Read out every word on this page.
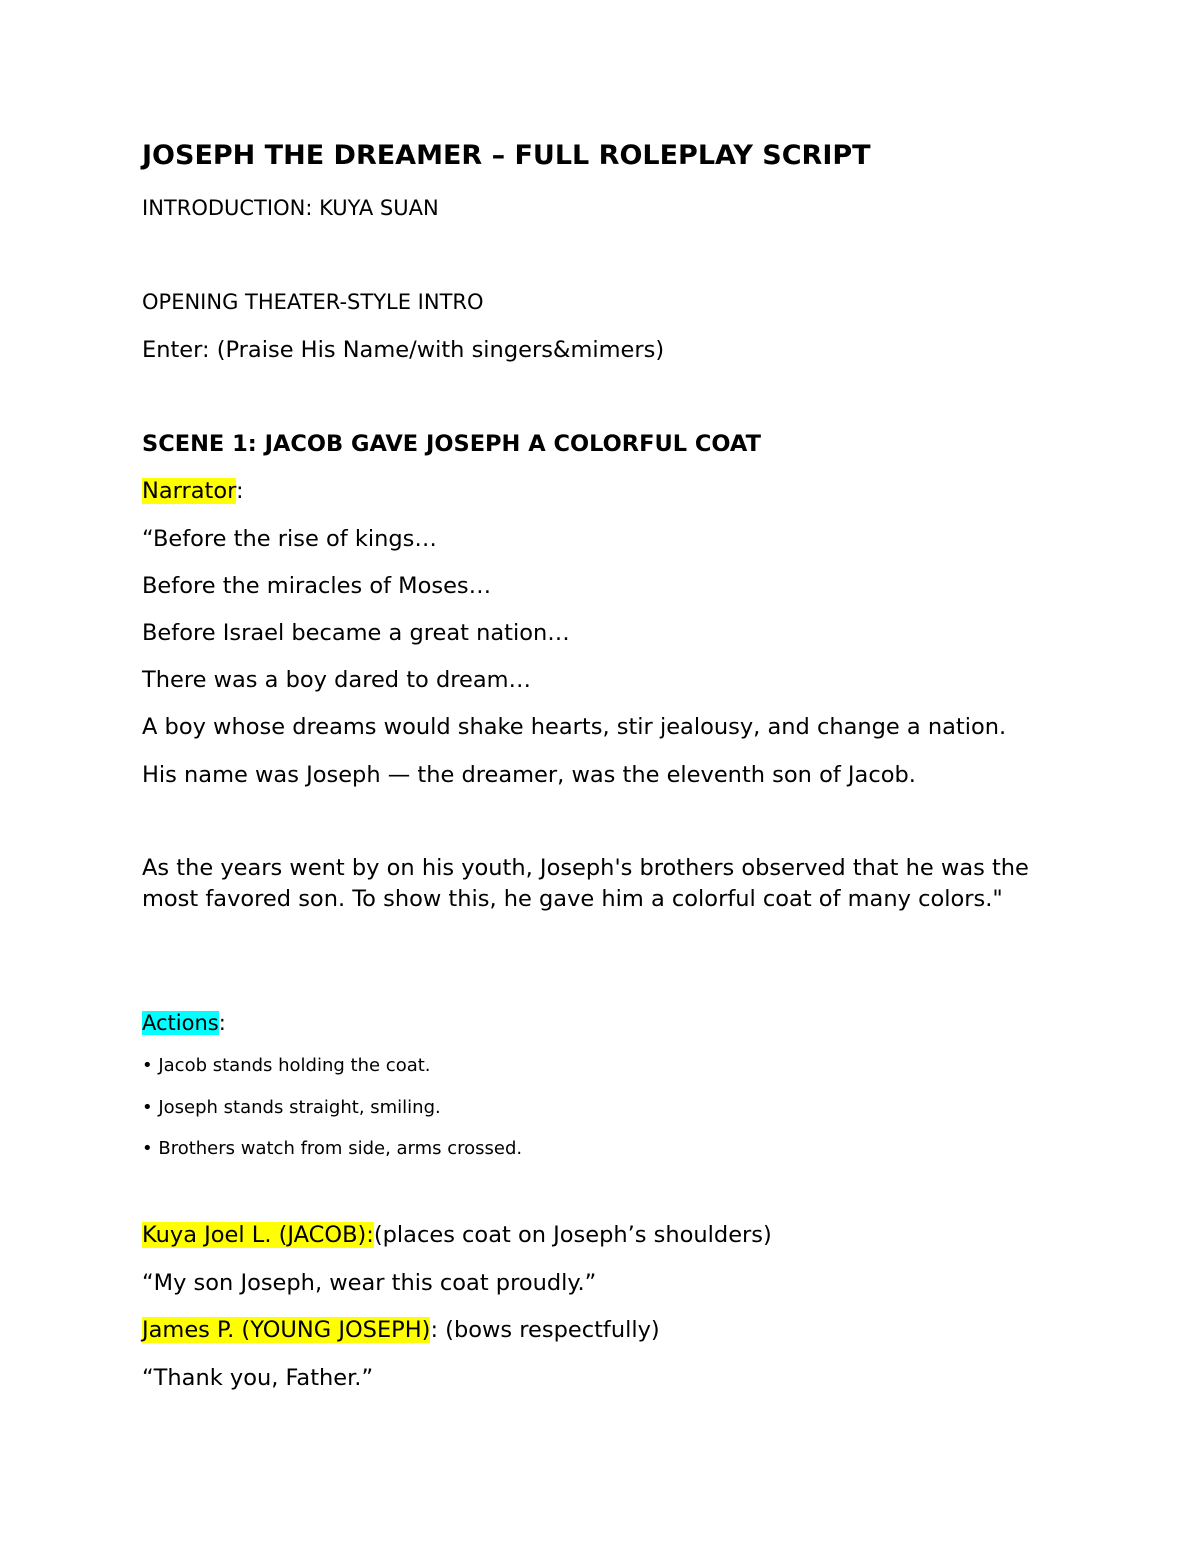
JOSEPH THE DREAMER – FULL ROLEPLAY SCRIPT
INTRODUCTION: KUYA SUAN
OPENING THEATER-STYLE INTRO
Enter: (Praise His Name/with singers&mimers)
SCENE 1: JACOB GAVE JOSEPH A COLORFUL COAT
Narrator:
“Before the rise of kings…
Before the miracles of Moses…
Before Israel became a great nation…
There was a boy dared to dream…
A boy whose dreams would shake hearts, stir jealousy, and change a nation.
His name was Joseph — the dreamer, was the eleventh son of Jacob.
As the years went by on his youth, Joseph's brothers observed that he was the most favored son. To show this, he gave him a colorful coat of many colors."
Actions:
• Jacob stands holding the coat.
• Joseph stands straight, smiling.
• Brothers watch from side, arms crossed.
Kuya Joel L. (JACOB):(places coat on Joseph’s shoulders)
“My son Joseph, wear this coat proudly.”
James P. (YOUNG JOSEPH): (bows respectfully)
“Thank you, Father.”
